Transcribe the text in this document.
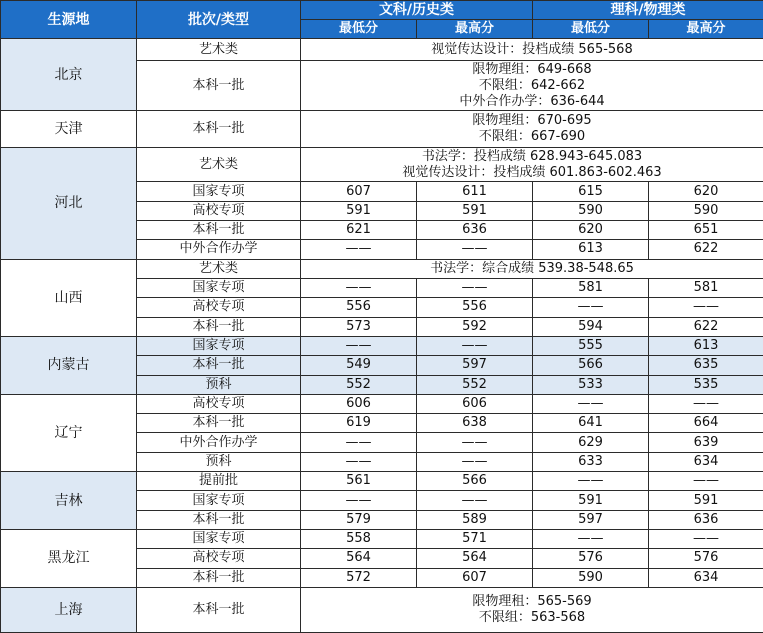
生源地	批次/类型	文科/历史类		理科/物理类	
		最低分	最高分	最低分	最高分
北京	艺术类	视觉传达设计：投档成绩 565-568			
	本科一批	限物理组：649-668
不限组：642-662
中外合作办学：636-644			

天津	本科一批	限物理组：670-695
不限组：667-690			

河北	艺术类	书法学：投档成绩 628.943-645.083
视觉传达设计：投档成绩 601.863-602.463			

	国家专项	607	611	615	620
	高校专项	591	591	590	590
	本科一批	621	636	620	651
	中外合作办学	——	——	613	622
山西	艺术类	书法学：综合成绩 539.38-548.65			
	国家专项	——	——	581	581
	高校专项	556	556	——	——
	本科一批	573	592	594	622
内蒙古	国家专项	——	——	555	613
	本科一批	549	597	566	635
	预科	552	552	533	535
辽宁	高校专项	606	606	——	——
	本科一批	619	638	641	664
	中外合作办学	——	——	629	639
	预科	——	——	633	634
吉林	提前批	561	566	——	——
	国家专项	——	——	591	591
	本科一批	579	589	597	636
黑龙江	国家专项	558	571	——	——
	高校专项	564	564	576	576
	本科一批	572	607	590	634
上海	本科一批	限物理租：565-569
不限组：563-568			
